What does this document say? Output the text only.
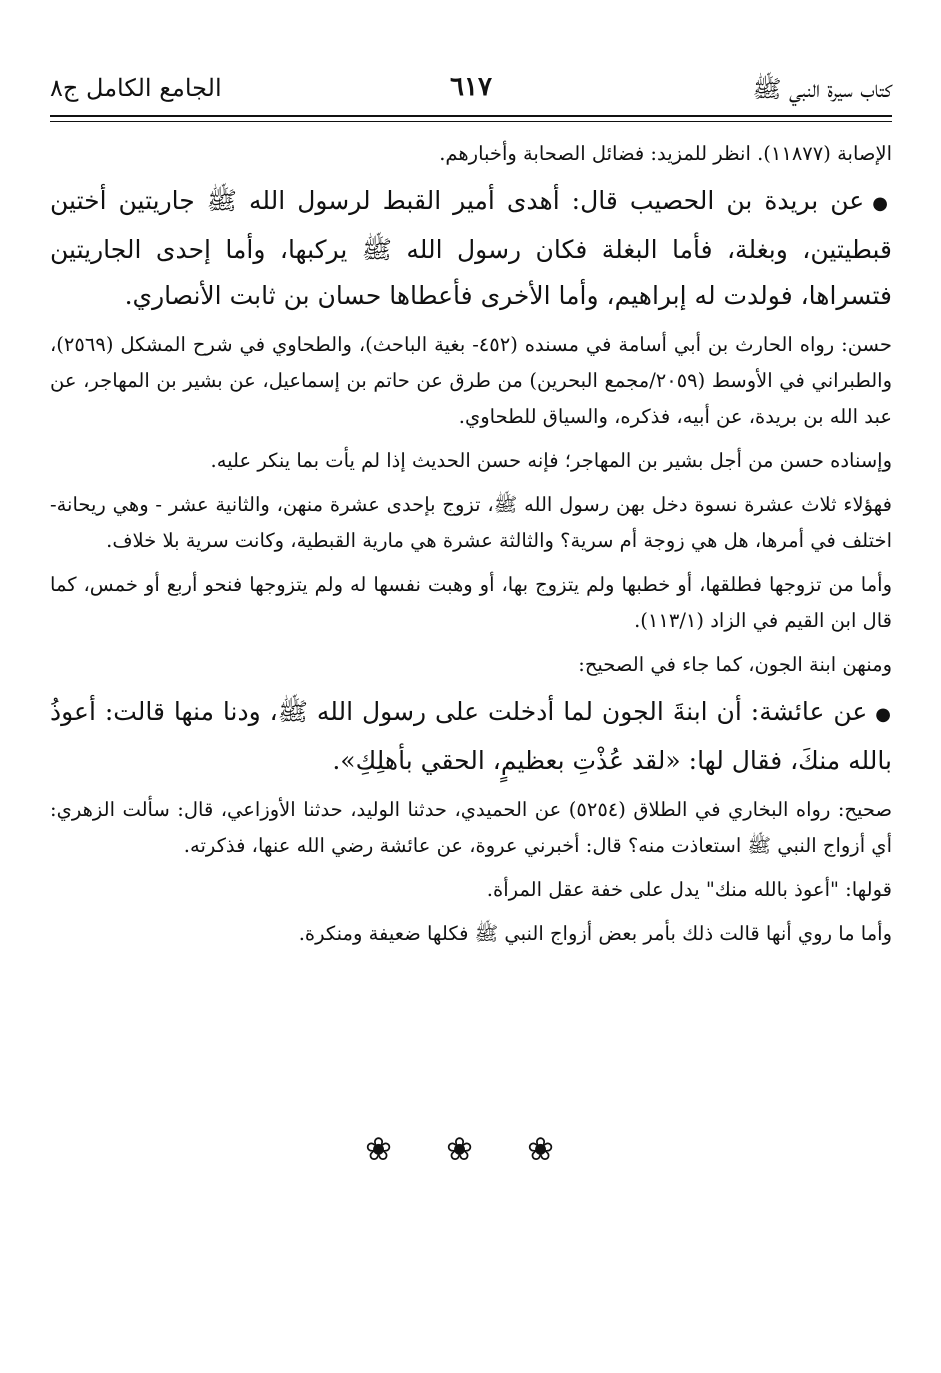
كتاب سيرة النبي ﷺ
٦١٧
الجامع الكامل ج٨

الإصابة (١١٨٧٧). انظر للمزيد: فضائل الصحابة وأخبارهم.

●عن بريدة بن الحصيب قال: أهدى أمير القبط لرسول الله ﷺ جاريتين أختين قبطيتين، وبغلة، فأما البغلة فكان رسول الله ﷺ يركبها، وأما إحدى الجاريتين فتسراها، فولدت له إبراهيم، وأما الأخرى فأعطاها حسان بن ثابت الأنصاري.

حسن: رواه الحارث بن أبي أسامة في مسنده (٤٥٢- بغية الباحث)، والطحاوي في شرح المشكل (٢٥٦٩)، والطبراني في الأوسط (٢٠٥٩/مجمع البحرين) من طرق عن حاتم بن إسماعيل، عن بشير بن المهاجر، عن عبد الله بن بريدة، عن أبيه، فذكره، والسياق للطحاوي.

وإسناده حسن من أجل بشير بن المهاجر؛ فإنه حسن الحديث إذا لم يأت بما ينكر عليه.

فهؤلاء ثلاث عشرة نسوة دخل بهن رسول الله ﷺ، تزوج بإحدى عشرة منهن، والثانية عشر - وهي ريحانة- اختلف في أمرها، هل هي زوجة أم سرية؟ والثالثة عشرة هي مارية القبطية، وكانت سرية بلا خلاف.

وأما من تزوجها فطلقها، أو خطبها ولم يتزوج بها، أو وهبت نفسها له ولم يتزوجها فنحو أربع أو خمس، كما قال ابن القيم في الزاد (١١٣/١).

ومنهن ابنة الجون، كما جاء في الصحيح:

●عن عائشة: أن ابنةَ الجون لما أدخلت على رسول الله ﷺ، ودنا منها قالت: أعوذُ بالله منكَ، فقال لها: «لقد عُذْتِ بعظيمٍ، الحقي بأهلِكِ».

صحيح: رواه البخاري في الطلاق (٥٢٥٤) عن الحميدي، حدثنا الوليد، حدثنا الأوزاعي، قال: سألت الزهري: أي أزواج النبي ﷺ استعاذت منه؟ قال: أخبرني عروة، عن عائشة رضي الله عنها، فذكرته.

قولها: "أعوذ بالله منك" يدل على خفة عقل المرأة.

وأما ما روي أنها قالت ذلك بأمر بعض أزواج النبي ﷺ فكلها ضعيفة ومنكرة.

❀ ❀ ❀
